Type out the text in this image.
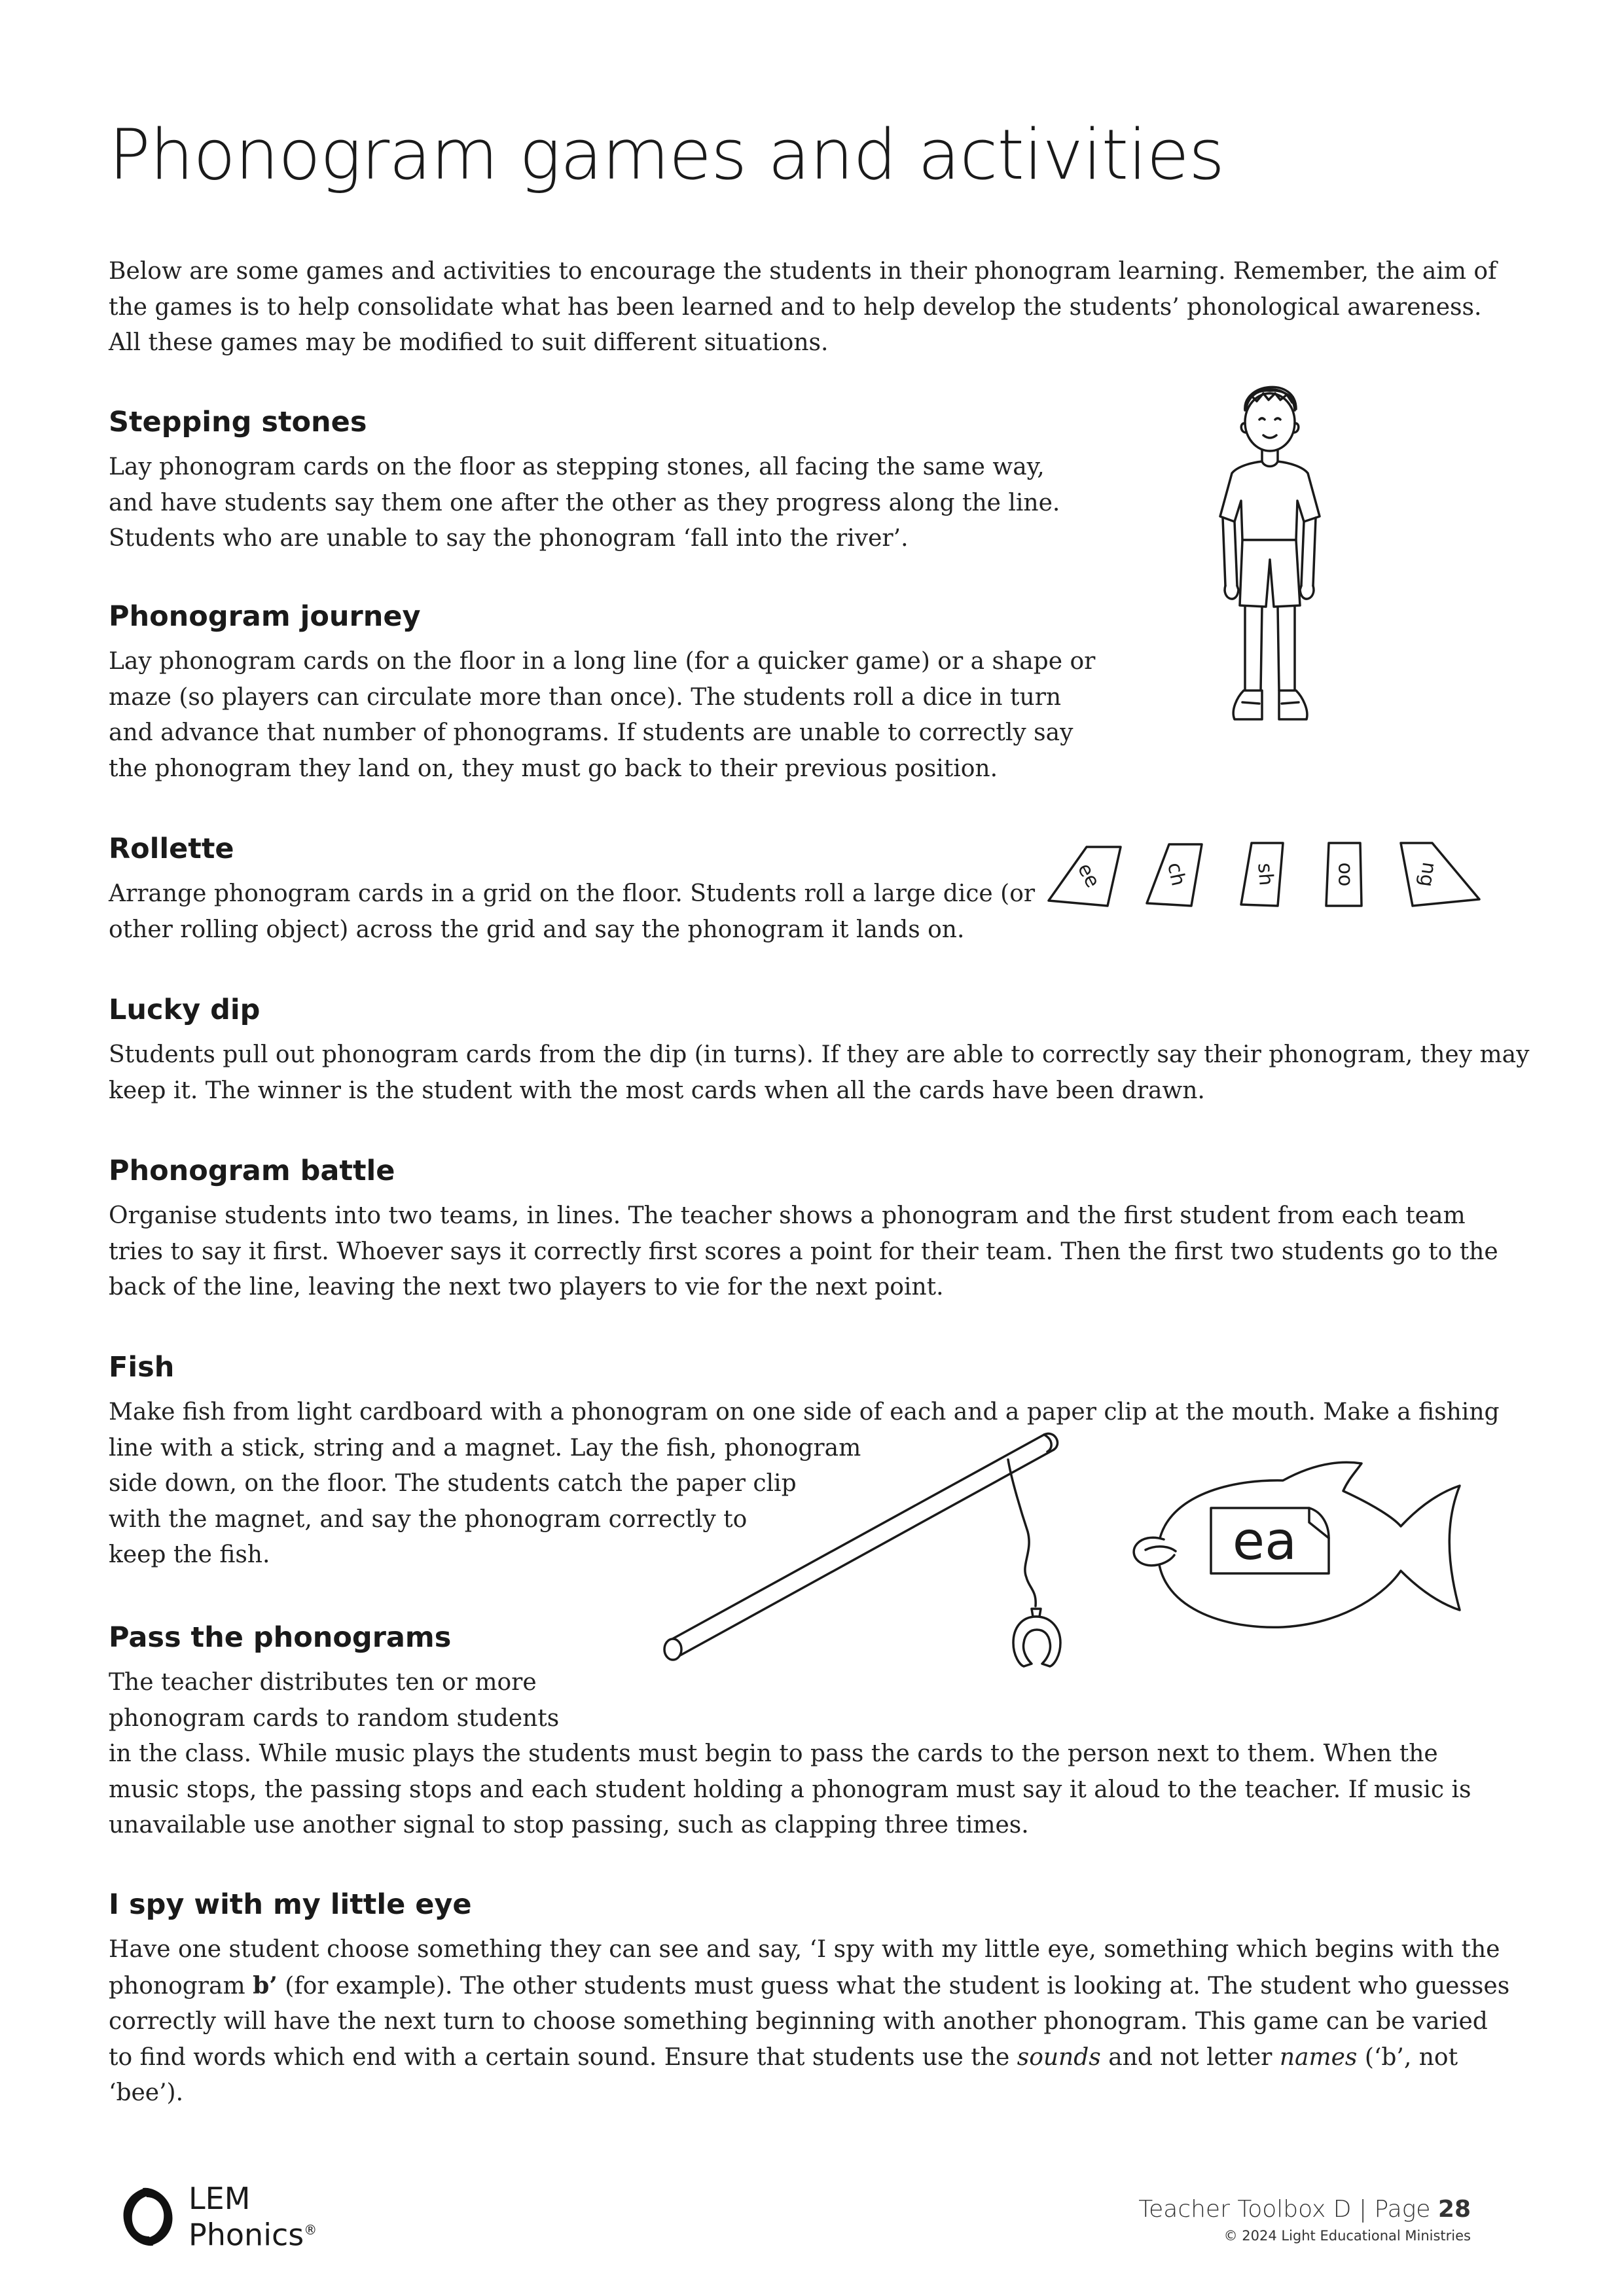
Phonogram games and activities

Below are some games and activities to encourage the students in their phonogram learning. Remember, the aim of
the games is to help consolidate what has been learned and to help develop the students’ phonological awareness.
All these games may be modified to suit different situations.

Stepping stones

Lay phonogram cards on the floor as stepping stones, all facing the same way,
and have students say them one after the other as they progress along the line.
Students who are unable to say the phonogram ‘fall into the river’.

Phonogram journey

Lay phonogram cards on the floor in a long line (for a quicker game) or a shape or
maze (so players can circulate more than once). The students roll a dice in turn
and advance that number of phonograms. If students are unable to correctly say
the phonogram they land on, they must go back to their previous position.

Rollette

Arrange phonogram cards in a grid on the floor. Students roll a large dice (or
other rolling object) across the grid and say the phonogram it lands on.

Lucky dip

Students pull out phonogram cards from the dip (in turns). If they are able to correctly say their phonogram, they may
keep it. The winner is the student with the most cards when all the cards have been drawn.

Phonogram battle

Organise students into two teams, in lines. The teacher shows a phonogram and the first student from each team
tries to say it first. Whoever says it correctly first scores a point for their team. Then the first two students go to the
back of the line, leaving the next two players to vie for the next point.

Fish

Make fish from light cardboard with a phonogram on one side of each and a paper clip at the mouth. Make a fishing
line with a stick, string and a magnet. Lay the fish, phonogram
side down, on the floor. The students catch the paper clip
with the magnet, and say the phonogram correctly to
keep the fish.

Pass the phonograms

The teacher distributes ten or more
phonogram cards to random students
in the class. While music plays the students must begin to pass the cards to the person next to them. When the
music stops, the passing stops and each student holding a phonogram must say it aloud to the teacher. If music is
unavailable use another signal to stop passing, such as clapping three times.

I spy with my little eye

Have one student choose something they can see and say, ‘I spy with my little eye, something which begins with the
phonogram b’ (for example). The other students must guess what the student is looking at. The student who guesses
correctly will have the next turn to choose something beginning with another phonogram. This game can be varied
to find words which end with a certain sound. Ensure that students use the sounds and not letter names (‘b’, not
‘bee’).

ee	ch	sh	oo	ng
ea
LEM
Phonics®
Teacher Toolbox D | Page 28
© 2024 Light Educational Ministries
